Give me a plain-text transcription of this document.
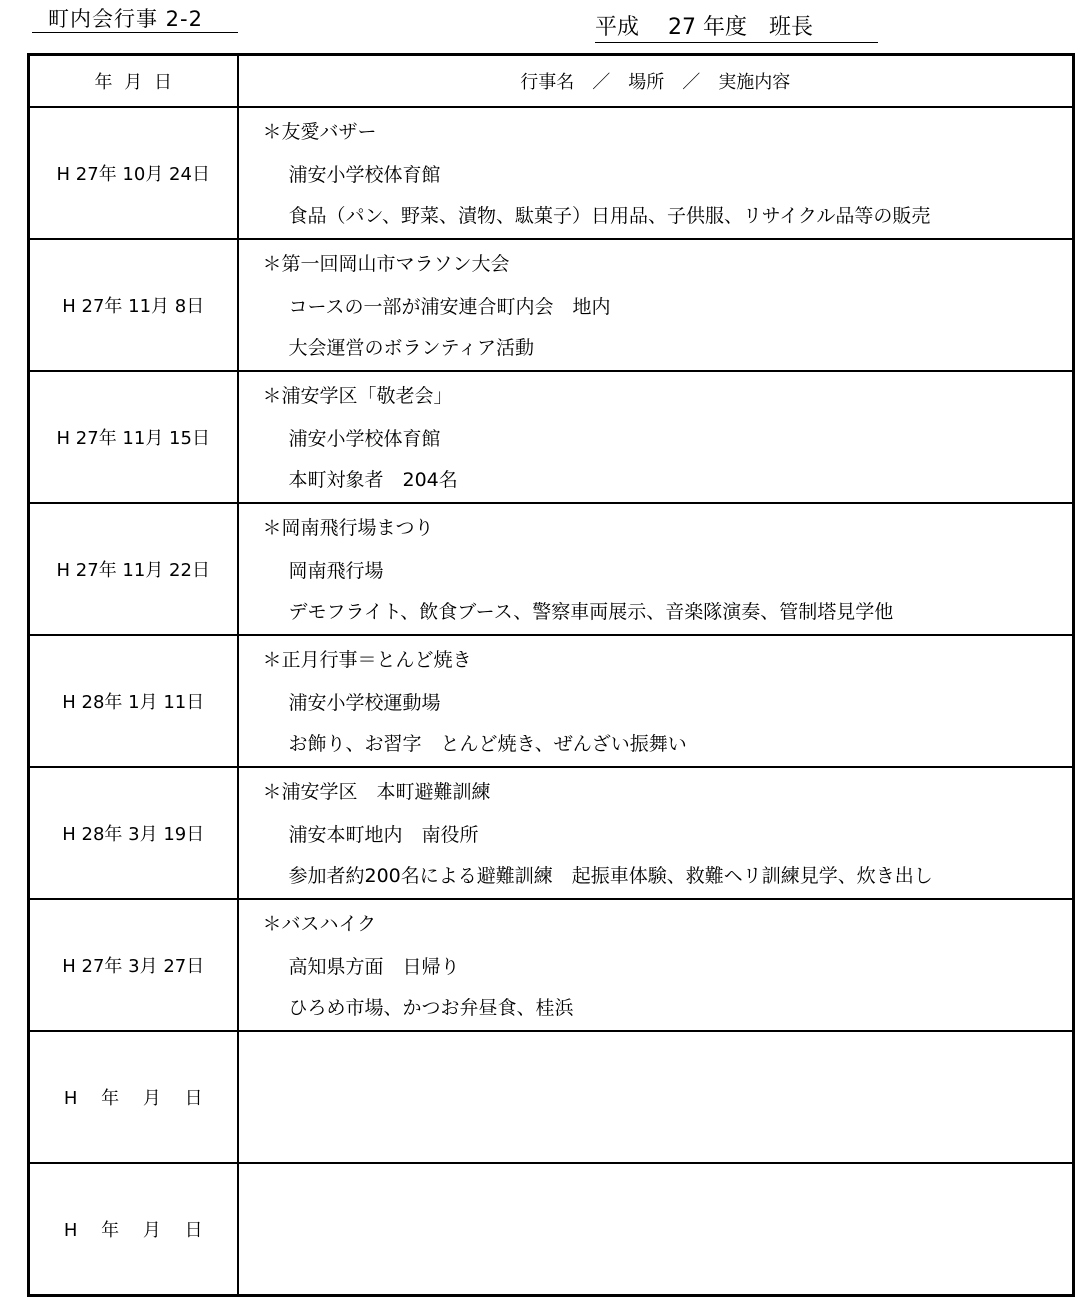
町内会行事 2-2	平成　 27 年度　班長
年 月 日	行事名　／　場所　／　実施内容
H 27年 10月 24日	＊友愛バザー
浦安小学校体育館
食品（パン、野菜、漬物、駄菓子）日用品、子供服、リサイクル品等の販売

H 27年 11月 8日	＊第一回岡山市マラソン大会
コースの一部が浦安連合町内会　地内
大会運営のボランティア活動

H 27年 11月 15日	＊浦安学区「敬老会」
浦安小学校体育館
本町対象者　204名

H 27年 11月 22日	＊岡南飛行場まつり
岡南飛行場
デモフライト、飲食ブース、警察車両展示、音楽隊演奏、管制塔見学他

H 28年 1月 11日	＊正月行事＝とんど焼き
浦安小学校運動場
お飾り、お習字　とんど焼き、ぜんざい振舞い

H 28年 3月 19日	＊浦安学区　本町避難訓練
浦安本町地内　南役所
参加者約200名による避難訓練　起振車体験、救難ヘリ訓練見学、炊き出し

H 27年 3月 27日	＊バスハイク
高知県方面　日帰り
ひろめ市場、かつお弁昼食、桂浜

H　 年　 月　 日	

H　 年　 月　 日	
